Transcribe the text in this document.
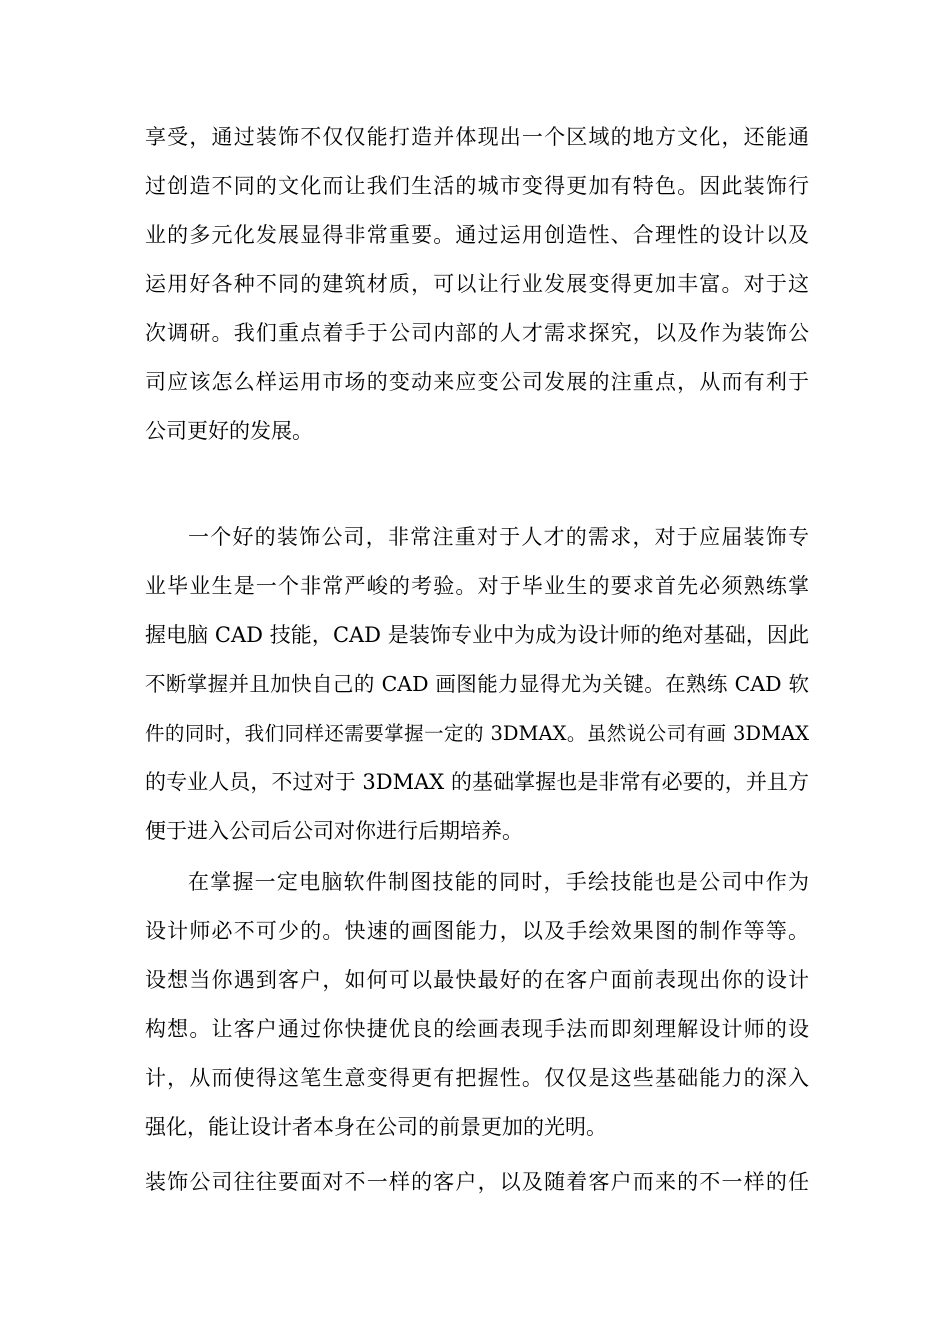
享受，通过装饰不仅仅能打造并体现出一个区域的地方文化，还能通
过创造不同的文化而让我们生活的城市变得更加有特色。因此装饰行
业的多元化发展显得非常重要。通过运用创造性、合理性的设计以及
运用好各种不同的建筑材质，可以让行业发展变得更加丰富。对于这
次调研。我们重点着手于公司内部的人才需求探究，以及作为装饰公
司应该怎么样运用市场的变动来应变公司发展的注重点，从而有利于
公司更好的发展。
一个好的装饰公司，非常注重对于人才的需求，对于应届装饰专
业毕业生是一个非常严峻的考验。对于毕业生的要求首先必须熟练掌
握电脑 CAD 技能，CAD 是装饰专业中为成为设计师的绝对基础，因此
不断掌握并且加快自己的 CAD 画图能力显得尤为关键。在熟练 CAD 软
件的同时，我们同样还需要掌握一定的 3DMAX。虽然说公司有画 3DMAX
的专业人员，不过对于 3DMAX 的基础掌握也是非常有必要的，并且方
便于进入公司后公司对你进行后期培养。
在掌握一定电脑软件制图技能的同时，手绘技能也是公司中作为
设计师必不可少的。快速的画图能力，以及手绘效果图的制作等等。
设想当你遇到客户，如何可以最快最好的在客户面前表现出你的设计
构想。让客户通过你快捷优良的绘画表现手法而即刻理解设计师的设
计，从而使得这笔生意变得更有把握性。仅仅是这些基础能力的深入
强化，能让设计者本身在公司的前景更加的光明。
装饰公司往往要面对不一样的客户，以及随着客户而来的不一样的任
